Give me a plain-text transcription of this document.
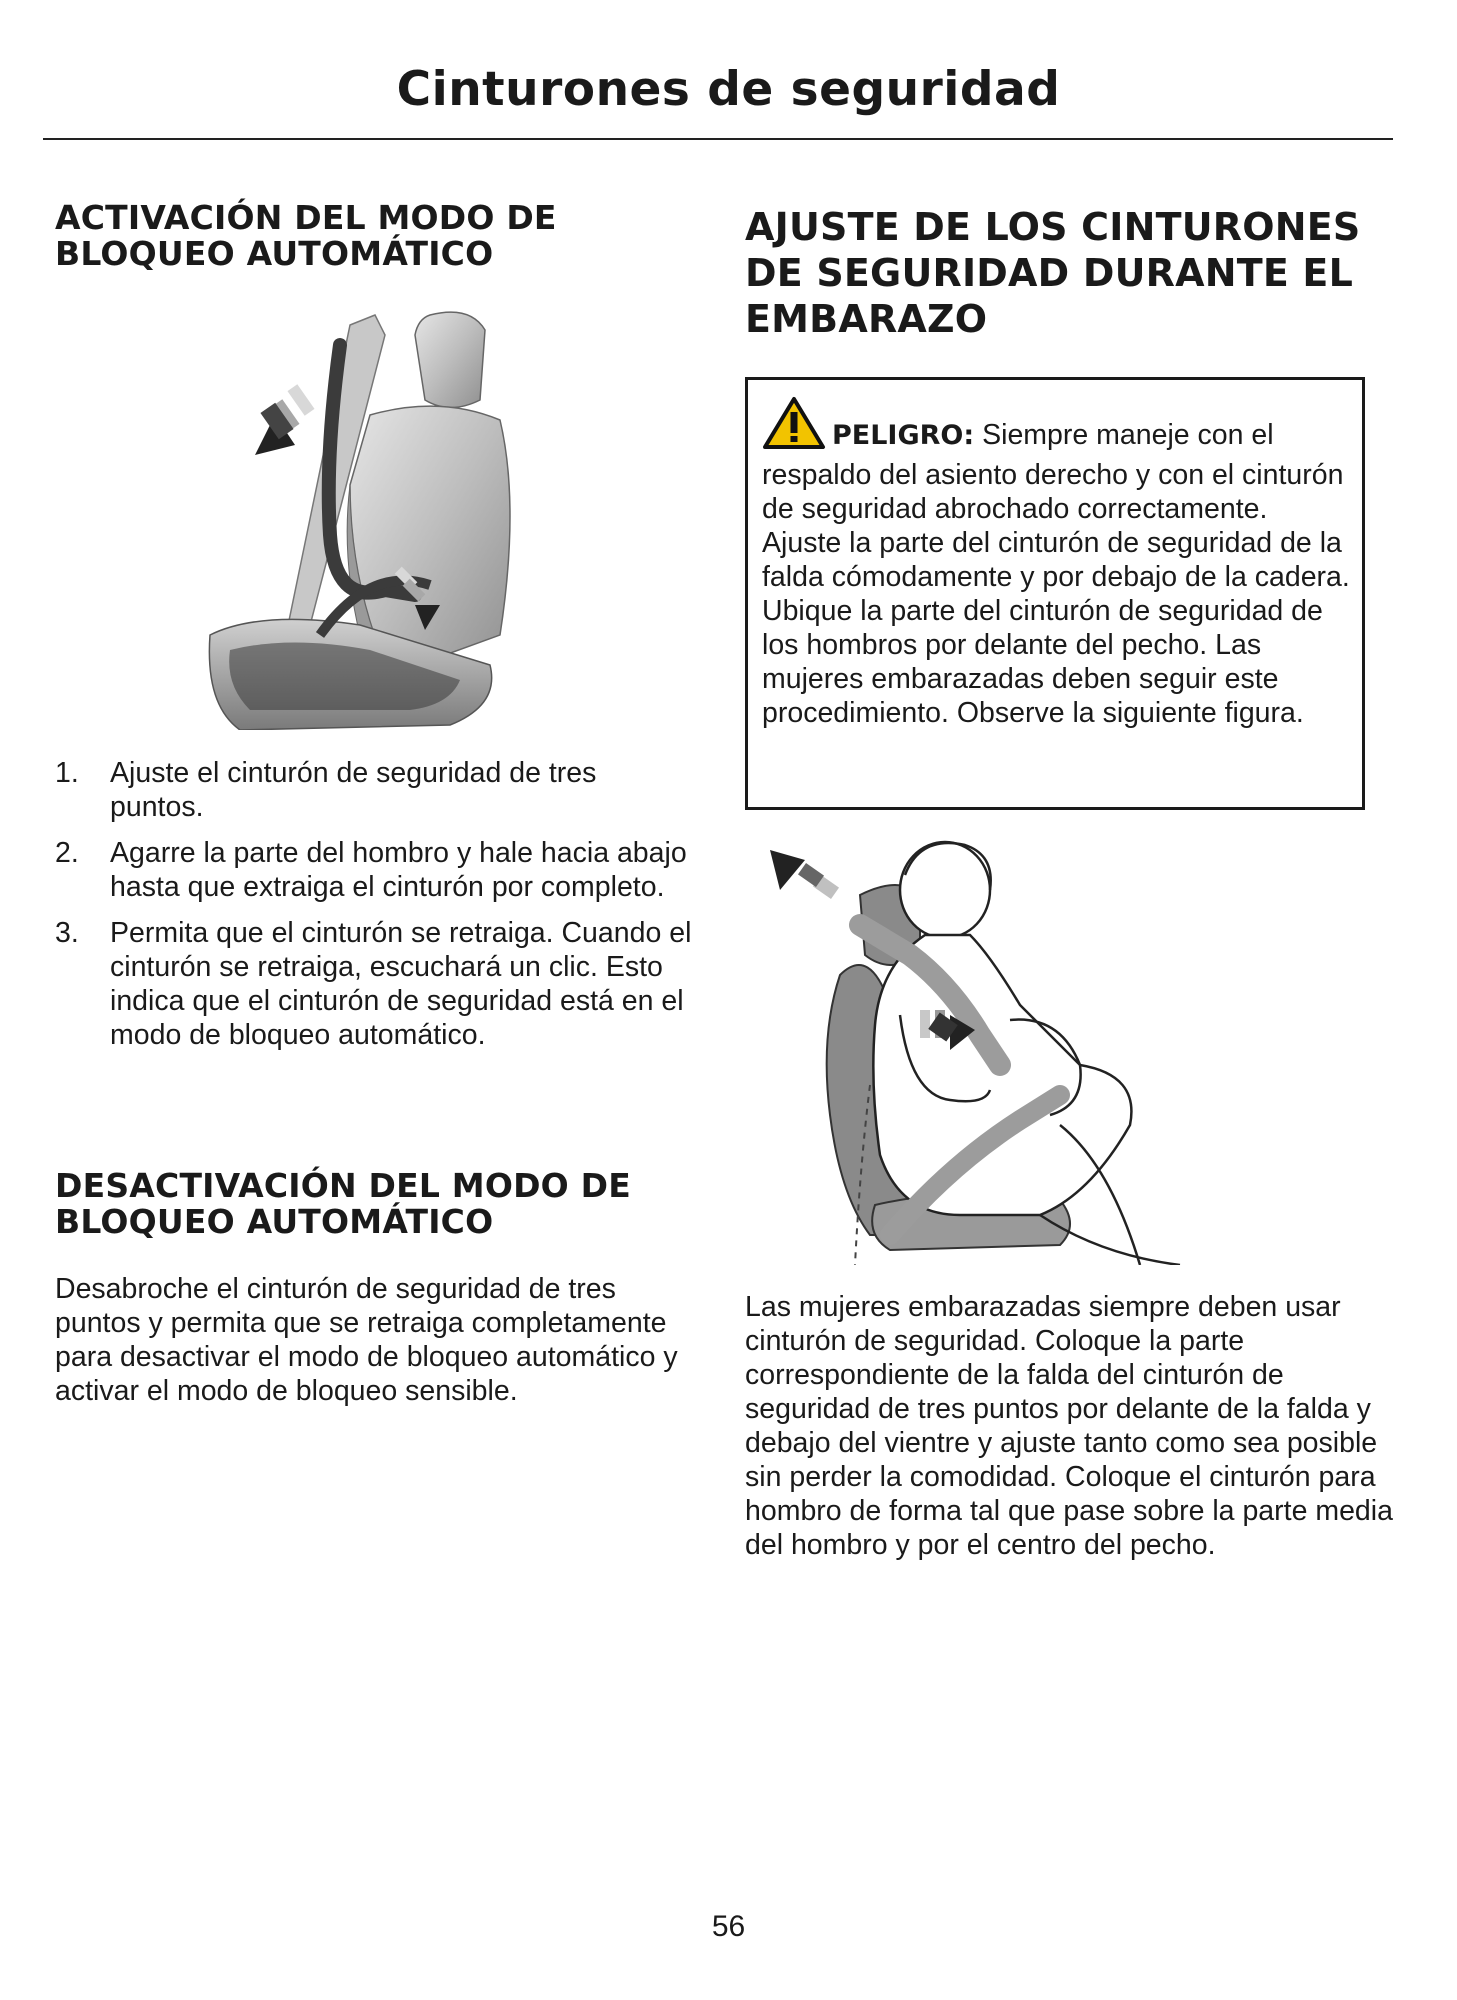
Cinturones de seguridad
ACTIVACIÓN DEL MODO DE
BLOQUEO AUTOMÁTICO
1. Ajuste el cinturón de seguridad de tres puntos.
2. Agarre la parte del hombro y hale hacia abajo hasta que extraiga el cinturón por completo.
3. Permita que el cinturón se retraiga. Cuando el cinturón se retraiga, escuchará un clic. Esto indica que el cinturón de seguridad está en el modo de bloqueo automático.
DESACTIVACIÓN DEL MODO DE
BLOQUEO AUTOMÁTICO
Desabroche el cinturón de seguridad de tres puntos y permita que se retraiga completamente para desactivar el modo de bloqueo automático y activar el modo de bloqueo sensible.
AJUSTE DE LOS CINTURONES
DE SEGURIDAD DURANTE EL
EMBARAZO
PELIGRO: Siempre maneje con el respaldo del asiento derecho y con el cinturón de seguridad abrochado correctamente. Ajuste la parte del cinturón de seguridad de la falda cómodamente y por debajo de la cadera. Ubique la parte del cinturón de seguridad de los hombros por delante del pecho. Las mujeres embarazadas deben seguir este procedimiento. Observe la siguiente figura.
Las mujeres embarazadas siempre deben usar cinturón de seguridad. Coloque la parte correspondiente de la falda del cinturón de seguridad de tres puntos por delante de la falda y debajo del vientre y ajuste tanto como sea posible sin perder la comodidad. Coloque el cinturón para hombro de forma tal que pase sobre la parte media del hombro y por el centro del pecho.
56
